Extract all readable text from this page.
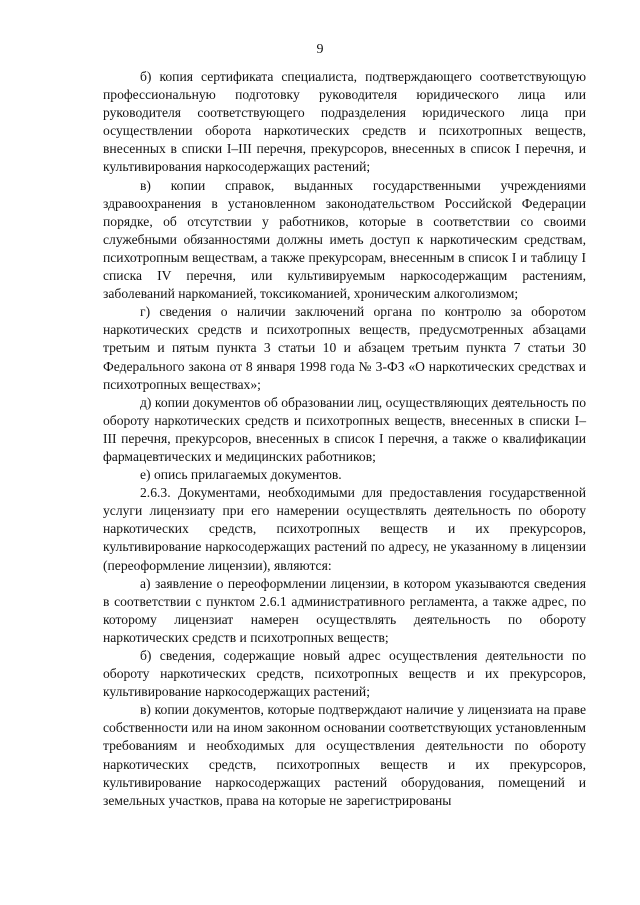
9

б) копия сертификата специалиста, подтверждающего соответствующую профессиональную подготовку руководителя юридического лица или руководителя соответствующего подразделения юридического лица при осуществлении оборота наркотических средств и психотропных веществ, внесенных в списки I–III перечня, прекурсоров, внесенных в список I перечня, и культивирования наркосодержащих растений;

в) копии справок, выданных государственными учреждениями здравоохранения в установленном законодательством Российской Федерации порядке, об отсутствии у работников, которые в соответствии со своими служебными обязанностями должны иметь доступ к наркотическим средствам, психотропным веществам, а также прекурсорам, внесенным в список I и таблицу I списка IV перечня, или культивируемым наркосодержащим растениям, заболеваний наркоманией, токсикоманией, хроническим алкоголизмом;

г) сведения о наличии заключений органа по контролю за оборотом наркотических средств и психотропных веществ, предусмотренных абзацами третьим и пятым пункта 3 статьи 10 и абзацем третьим пункта 7 статьи 30 Федерального закона от 8 января 1998 года № 3-ФЗ «О наркотических средствах и психотропных веществах»;

д) копии документов об образовании лиц, осуществляющих деятельность по обороту наркотических средств и психотропных веществ, внесенных в списки I–III перечня, прекурсоров, внесенных в список I перечня, а также о квалификации фармацевтических и медицинских работников;

е) опись прилагаемых документов.

2.6.3. Документами, необходимыми для предоставления государственной услуги лицензиату при его намерении осуществлять деятельность по обороту наркотических средств, психотропных веществ и их прекурсоров, культивирование наркосодержащих растений по адресу, не указанному в лицензии (переоформление лицензии), являются:

а) заявление о переоформлении лицензии, в котором указываются сведения в соответствии с пунктом 2.6.1 административного регламента, а также адрес, по которому лицензиат намерен осуществлять деятельность по обороту наркотических средств и психотропных веществ;

б) сведения, содержащие новый адрес осуществления деятельности по обороту наркотических средств, психотропных веществ и их прекурсоров, культивирование наркосодержащих растений;

в) копии документов, которые подтверждают наличие у лицензиата на праве собственности или на ином законном основании соответствующих установленным требованиям и необходимых для осуществления деятельности по обороту наркотических средств, психотропных веществ и их прекурсоров, культивирование наркосодержащих растений оборудования, помещений и земельных участков, права на которые не зарегистрированы
